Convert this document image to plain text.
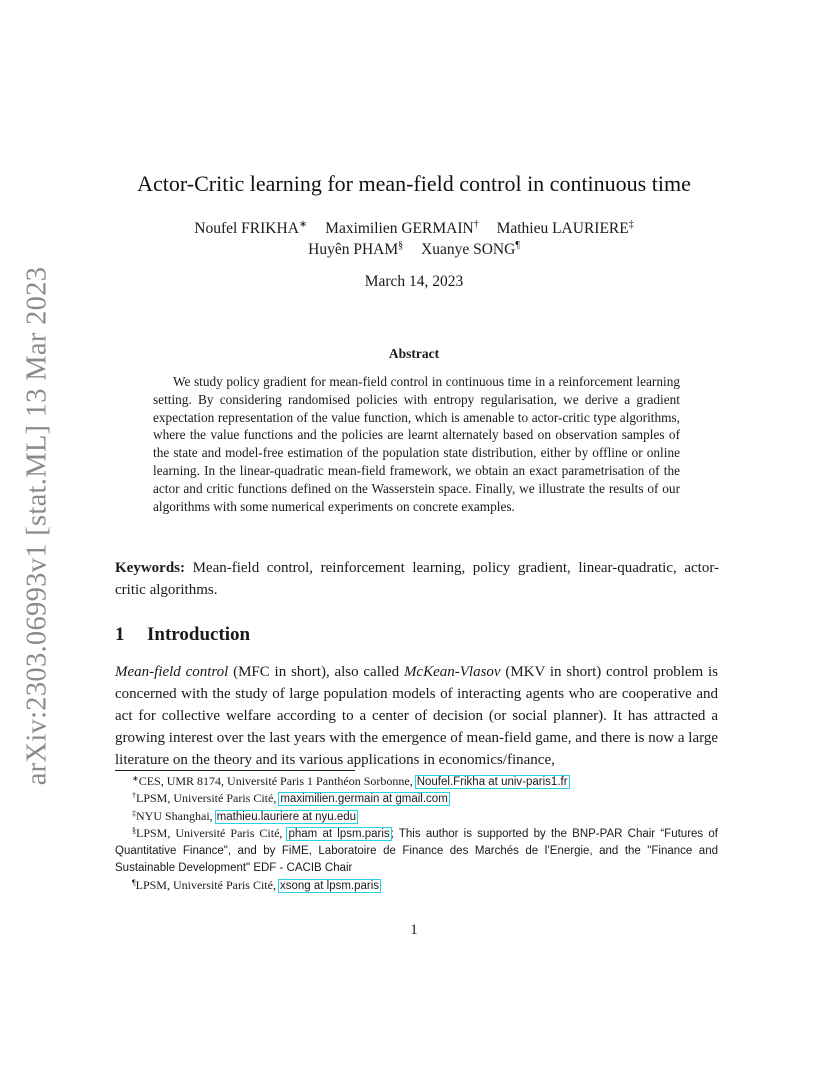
arXiv:2303.06993v1 [stat.ML] 13 Mar 2023
Actor-Critic learning for mean-field control in continuous time
Noufel FRIKHA∗ Maximilien GERMAIN† Mathieu LAURIERE‡
Huyên PHAM§ Xuanye SONG¶
March 14, 2023
Abstract

We study policy gradient for mean-field control in continuous time in a reinforcement learning setting. By considering randomised policies with entropy regularisation, we derive a gradient expectation representation of the value function, which is amenable to actor-critic type algorithms, where the value functions and the policies are learnt alternately based on observation samples of the state and model-free estimation of the population state distribution, either by offline or online learning. In the linear-quadratic mean-field framework, we obtain an exact parametrisation of the actor and critic functions defined on the Wasserstein space. Finally, we illustrate the results of our algorithms with some numerical experiments on concrete examples.

Keywords: Mean-field control, reinforcement learning, policy gradient, linear-quadratic, actor-critic algorithms.

1 Introduction

Mean-field control (MFC in short), also called McKean-Vlasov (MKV in short) control problem is concerned with the study of large population models of interacting agents who are cooperative and act for collective welfare according to a center of decision (or social planner). It has attracted a growing interest over the last years with the emergence of mean-field game, and there is now a large literature on the theory and its various applications in economics/finance,

∗CES, UMR 8174, Université Paris 1 Panthéon Sorbonne, Noufel.Frikha at univ-paris1.fr

†LPSM, Université Paris Cité, maximilien.germain at gmail.com

‡NYU Shanghai, mathieu.lauriere at nyu.edu

§LPSM, Université Paris Cité, pham at lpsm.paris; This author is supported by the BNP-PAR Chair “Futures of Quantitative Finance", and by FiME, Laboratoire de Finance des Marchés de l’Energie, and the "Finance and Sustainable Development" EDF - CACIB Chair

¶LPSM, Université Paris Cité, xsong at lpsm.paris

1
